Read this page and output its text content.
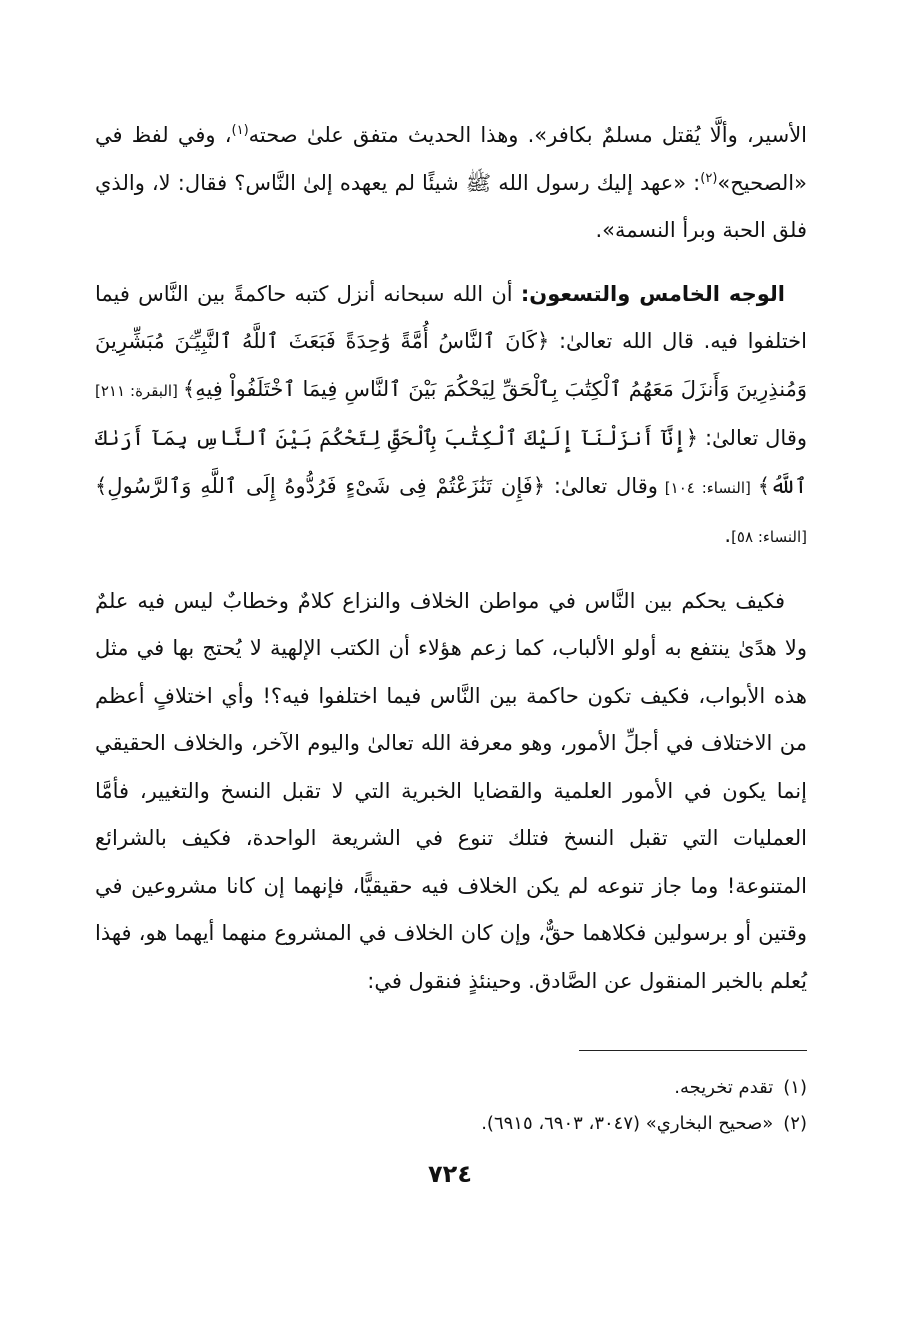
الأسير، وألَّا يُقتل مسلمٌ بكافر». وهذا الحديث متفق علىٰ صحته$^{(١)}$، وفي لفظ في «الصحيح»$^{(٢)}$: «عهد إليك رسول الله ﷺ شيئًا لم يعهده إلىٰ النَّاس؟ فقال: لا، والذي فلق الحبة وبرأ النسمة».

الوجه الخامس والتسعون: أن الله سبحانه أنزل كتبه حاكمةً بين النَّاس فيما اختلفوا فيه. قال الله تعالىٰ: ﴿كَانَ ٱلنَّاسُ أُمَّةً وَٰحِدَةً فَبَعَثَ ٱللَّهُ ٱلنَّبِيِّـۧنَ مُبَشِّرِينَ وَمُنذِرِينَ وَأَنزَلَ مَعَهُمُ ٱلْكِتَٰبَ بِٱلْحَقِّ لِيَحْكُمَ بَيْنَ ٱلنَّاسِ فِيمَا ٱخْتَلَفُواْ فِيهِ﴾ [البقرة: ٢١١] وقال تعالىٰ: ﴿إِنَّآ أَنزَلْنَآ إِلَيْكَ ٱلْكِتَٰبَ بِٱلْحَقِّ لِتَحْكُمَ بَيْنَ ٱلنَّاسِ بِمَآ أَرَىٰكَ ٱللَّهُ﴾ [النساء: ١٠٤] وقال تعالىٰ: ﴿فَإِن تَنَٰزَعْتُمْ فِى شَىْءٍ فَرُدُّوهُ إِلَى ٱللَّهِ وَٱلرَّسُولِ﴾ [النساء: ٥٨].

فكيف يحكم بين النَّاس في مواطن الخلاف والنزاع كلامٌ وخطابٌ ليس فيه علمٌ ولا هدًىٰ ينتفع به أولو الألباب، كما زعم هؤلاء أن الكتب الإلهية لا يُحتج بها في مثل هذه الأبواب، فكيف تكون حاكمة بين النَّاس فيما اختلفوا فيه؟! وأي اختلافٍ أعظم من الاختلاف في أجلِّ الأمور، وهو معرفة الله تعالىٰ واليوم الآخر، والخلاف الحقيقي إنما يكون في الأمور العلمية والقضايا الخبرية التي لا تقبل النسخ والتغيير، فأمَّا العمليات التي تقبل النسخ فتلك تنوع في الشريعة الواحدة، فكيف بالشرائع المتنوعة! وما جاز تنوعه لم يكن الخلاف فيه حقيقيًّا، فإنهما إن كانا مشروعين في وقتين أو برسولين فكلاهما حقٌّ، وإن كان الخلاف في المشروع منهما أيهما هو، فهذا يُعلم بالخبر المنقول عن الصَّادق. وحينئذٍ فنقول في:

(١)تقدم تخريجه.

(٢)«صحيح البخاري» (٣٠٤٧، ٦٩٠٣، ٦٩١٥).

٧٢٤
